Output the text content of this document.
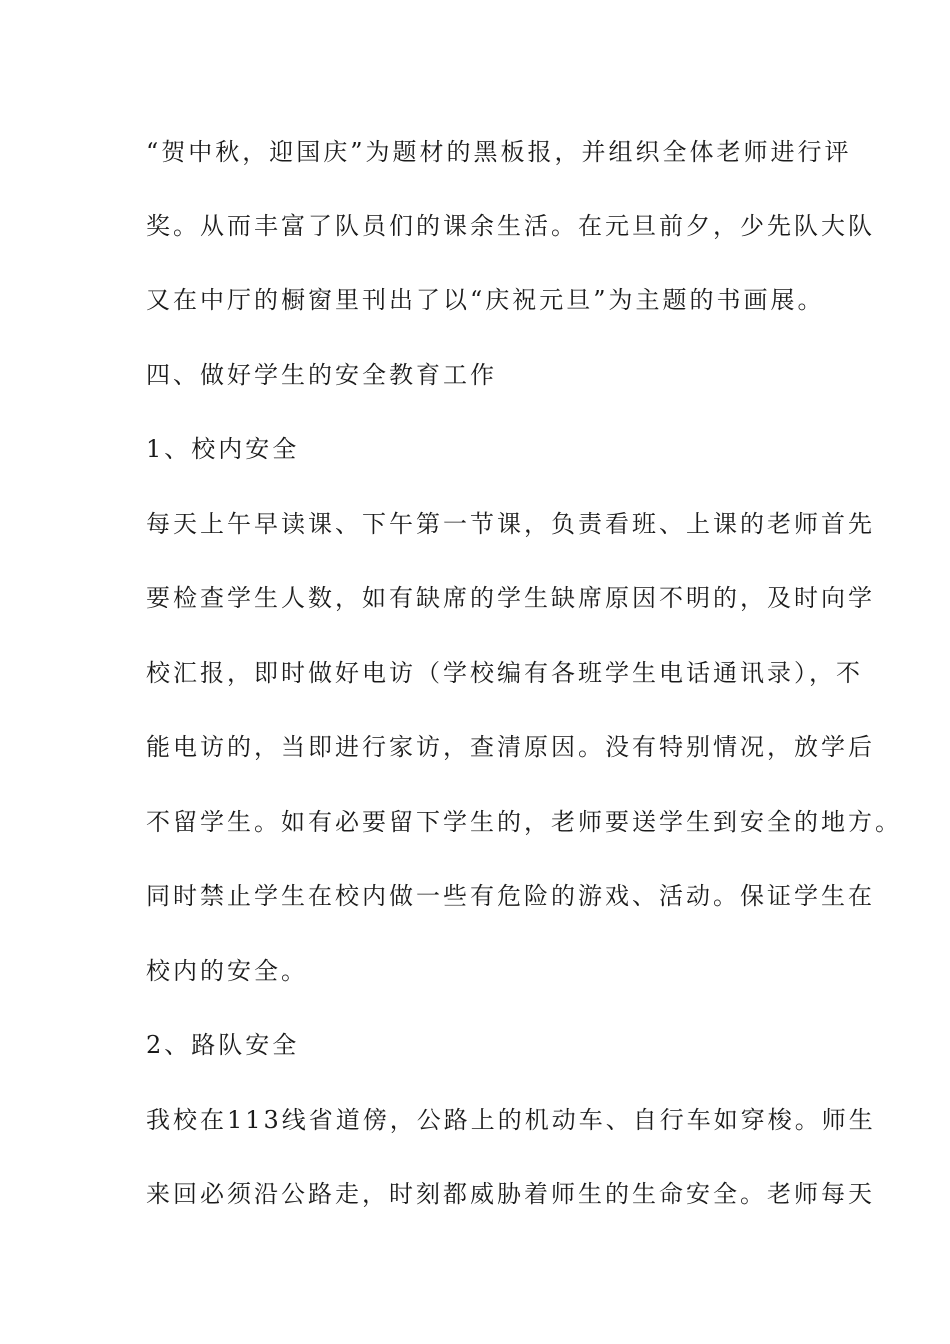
“贺中秋，迎国庆”为题材的黑板报，并组织全体老师进行评
奖。从而丰富了队员们的课余生活。在元旦前夕，少先队大队
又在中厅的橱窗里刊出了以“庆祝元旦”为主题的书画展。
四、做好学生的安全教育工作
1、校内安全
每天上午早读课、下午第一节课，负责看班、上课的老师首先
要检查学生人数，如有缺席的学生缺席原因不明的，及时向学
校汇报，即时做好电访（学校编有各班学生电话通讯录），不
能电访的，当即进行家访，查清原因。没有特别情况，放学后
不留学生。如有必要留下学生的，老师要送学生到安全的地方。
同时禁止学生在校内做一些有危险的游戏、活动。保证学生在
校内的安全。
2、路队安全
我校在113线省道傍，公路上的机动车、自行车如穿梭。师生
来回必须沿公路走，时刻都威胁着师生的生命安全。老师每天
